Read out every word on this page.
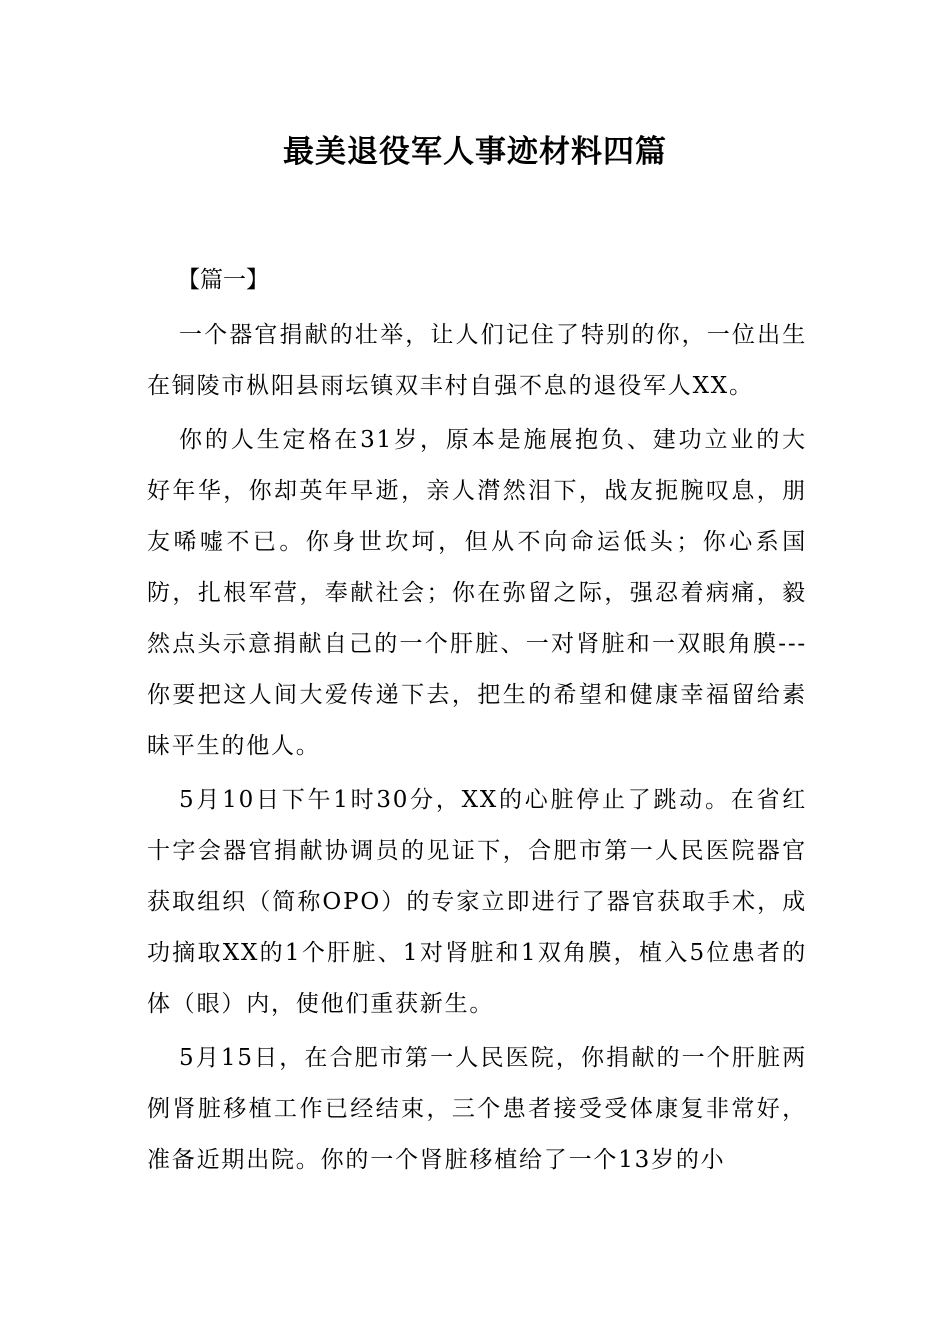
最美退役军人事迹材料四篇
【篇一】

一个器官捐献的壮举，让人们记住了特别的你，一位出生在铜陵市枞阳县雨坛镇双丰村自强不息的退役军人XX。

你的人生定格在31岁，原本是施展抱负、建功立业的大好年华，你却英年早逝，亲人潸然泪下，战友扼腕叹息，朋友唏嘘不已。你身世坎坷，但从不向命运低头；你心系国防，扎根军营，奉献社会；你在弥留之际，强忍着病痛，毅然点头示意捐献自己的一个肝脏、一对肾脏和一双眼角膜---你要把这人间大爱传递下去，把生的希望和健康幸福留给素昧平生的他人。

5月10日下午1时30分，XX的心脏停止了跳动。在省红十字会器官捐献协调员的见证下，合肥市第一人民医院器官获取组织（简称OPO）的专家立即进行了器官获取手术，成功摘取XX的1个肝脏、1对肾脏和1双角膜，植入5位患者的体（眼）内，使他们重获新生。

5月15日，在合肥市第一人民医院，你捐献的一个肝脏两例肾脏移植工作已经结束，三个患者接受受体康复非常好，准备近期出院。你的一个肾脏移植给了一个13岁的小
